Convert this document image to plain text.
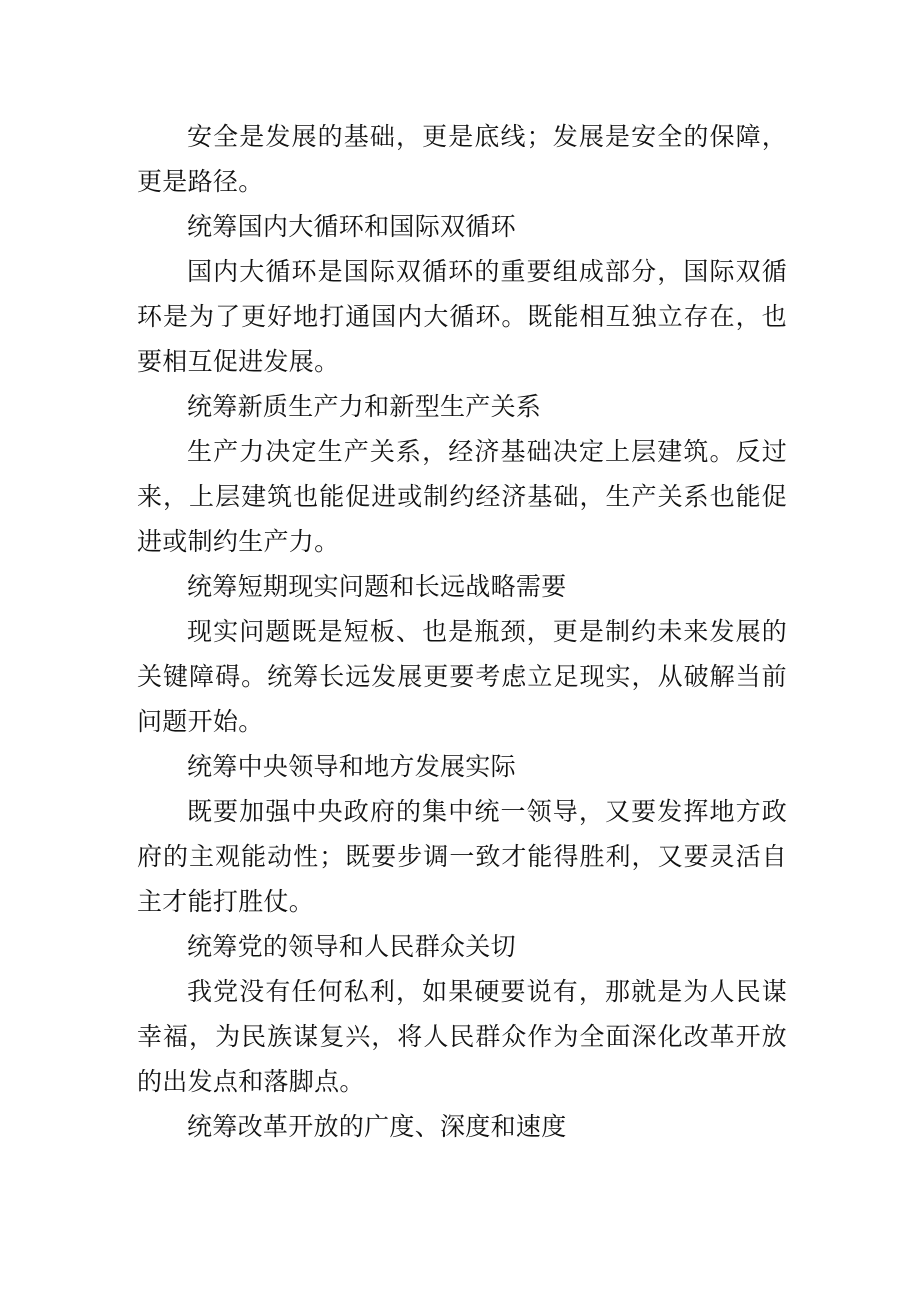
安全是发展的基础，更是底线；发展是安全的保障，更是路径。

统筹国内大循环和国际双循环

国内大循环是国际双循环的重要组成部分，国际双循环是为了更好地打通国内大循环。既能相互独立存在，也要相互促进发展。

统筹新质生产力和新型生产关系

生产力决定生产关系，经济基础决定上层建筑。反过来，上层建筑也能促进或制约经济基础，生产关系也能促进或制约生产力。

统筹短期现实问题和长远战略需要

现实问题既是短板、也是瓶颈，更是制约未来发展的关键障碍。统筹长远发展更要考虑立足现实，从破解当前问题开始。

统筹中央领导和地方发展实际

既要加强中央政府的集中统一领导，又要发挥地方政府的主观能动性；既要步调一致才能得胜利，又要灵活自主才能打胜仗。

统筹党的领导和人民群众关切

我党没有任何私利，如果硬要说有，那就是为人民谋幸福，为民族谋复兴，将人民群众作为全面深化改革开放的出发点和落脚点。

统筹改革开放的广度、深度和速度
